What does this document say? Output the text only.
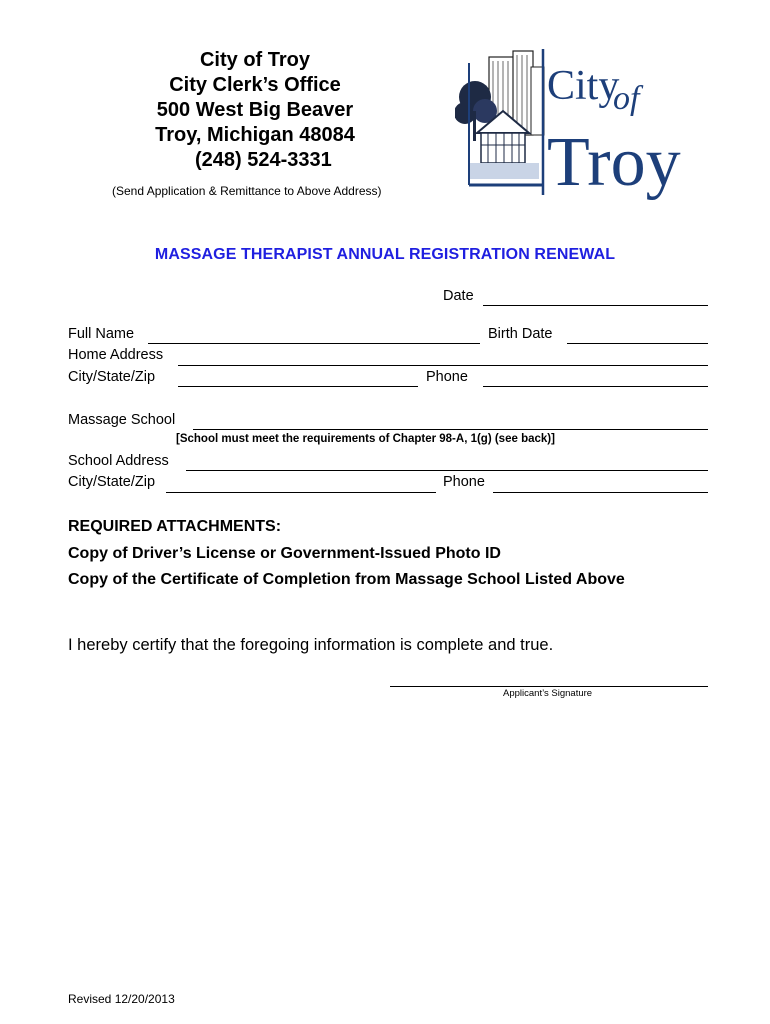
City of Troy
City Clerk’s Office
500 West Big Beaver
Troy, Michigan 48084
(248) 524-3331
(Send Application & Remittance to Above Address)
City
of
Troy
MASSAGE THERAPIST ANNUAL REGISTRATION RENEWAL
Date
Full Name	Birth Date
Home Address
City/State/Zip	Phone
Massage School
[School must meet the requirements of Chapter 98-A, 1(g) (see back)]
School Address
City/State/Zip	Phone
REQUIRED ATTACHMENTS:
Copy of Driver’s License or Government-Issued Photo ID
Copy of the Certificate of Completion from Massage School Listed Above
I hereby certify that the foregoing information is complete and true.
Applicant’s Signature
Revised 12/20/2013
